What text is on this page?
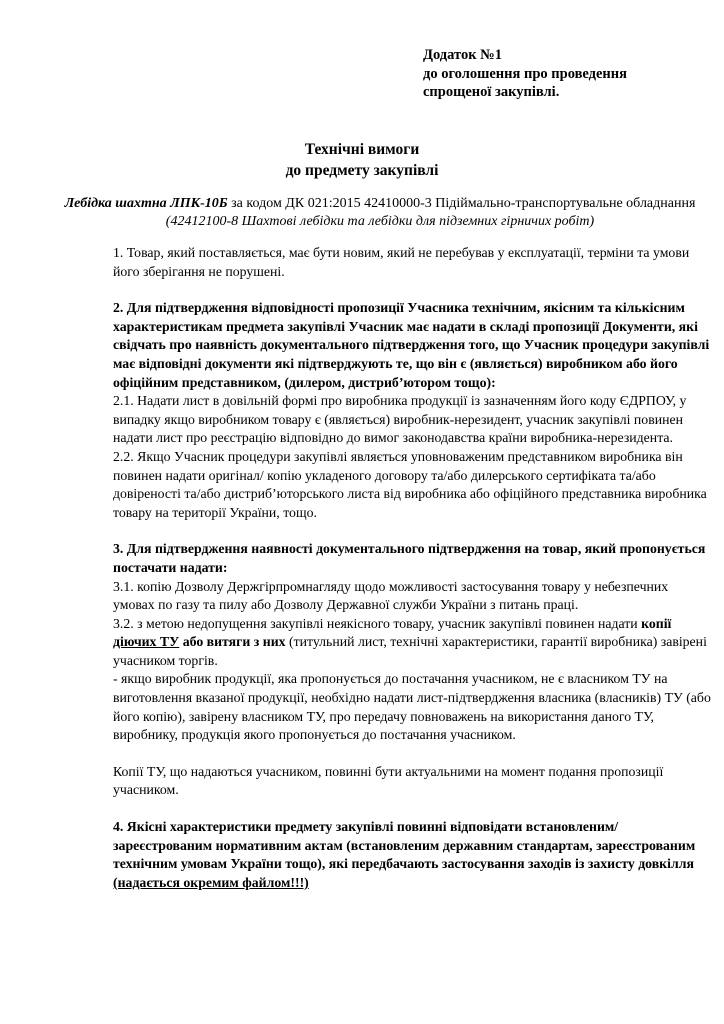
Додаток №1
до оголошення про проведення
спрощеної закупівлі.
Технічні вимоги
до предмету закупівлі
Лебідка шахтна ЛПК-10Б за кодом ДК 021:2015 42410000-3 Підіймально-транспортувальне обладнання (42412100-8 Шахтові лебідки та лебідки для підземних гірничих робіт)

1. Товар, який поставляється, має бути новим, який не перебував у експлуатації, терміни та умови його зберігання не порушені.

2. Для підтвердження відповідності пропозиції Учасника технічним, якісним та кількісним характеристикам предмета закупівлі Учасник має надати в складі пропозиції Документи, які свідчать про наявність документального підтвердження того, що Учасник процедури закупівлі має відповідні документи які підтверджують те, що він є (являється) виробником або його офіційним представником, (дилером, дистриб’ютором тощо):

2.1. Надати лист в довільній формі про виробника продукції із зазначенням його коду ЄДРПОУ, у випадку якщо виробником товару є (являється) виробник-нерезидент, учасник закупівлі повинен надати лист про реєстрацію відповідно до вимог законодавства країни виробника-нерезидента.

2.2. Якщо Учасник процедури закупівлі являється уповноваженим представником виробника він повинен надати оригінал/ копію укладеного договору та/або дилерського сертифіката та/або довіреності та/або дистриб’юторського листа від виробника або офіційного представника виробника товару на території України, тощо.

3. Для підтвердження наявності документального підтвердження на товар, який пропонується постачати надати:

3.1. копію Дозволу Держгірпромнагляду щодо можливості застосування товару у небезпечних умовах по газу та пилу або Дозволу Державної служби України з питань праці.

3.2. з метою недопущення закупівлі неякісного товару, учасник закупівлі повинен надати копії діючих ТУ або витяги з них (титульний лист, технічні характеристики, гарантії виробника) завірені учасником торгів.

- якщо виробник продукції, яка пропонується до постачання учасником, не є власником ТУ на виготовлення вказаної продукції, необхідно надати лист-підтвердження власника (власників) ТУ (або його копію), завірену власником ТУ, про передачу повноважень на використання даного ТУ, виробнику, продукція якого пропонується до постачання учасником.

Копії ТУ, що надаються учасником, повинні бути актуальними на момент подання пропозиції учасником.

4. Якісні характеристики предмету закупівлі повинні відповідати встановленим/зареєстрованим нормативним актам (встановленим державним стандартам, зареєстрованим технічним умовам України тощо), які передбачають застосування заходів із захисту довкілля (надається окремим файлом!!!)
